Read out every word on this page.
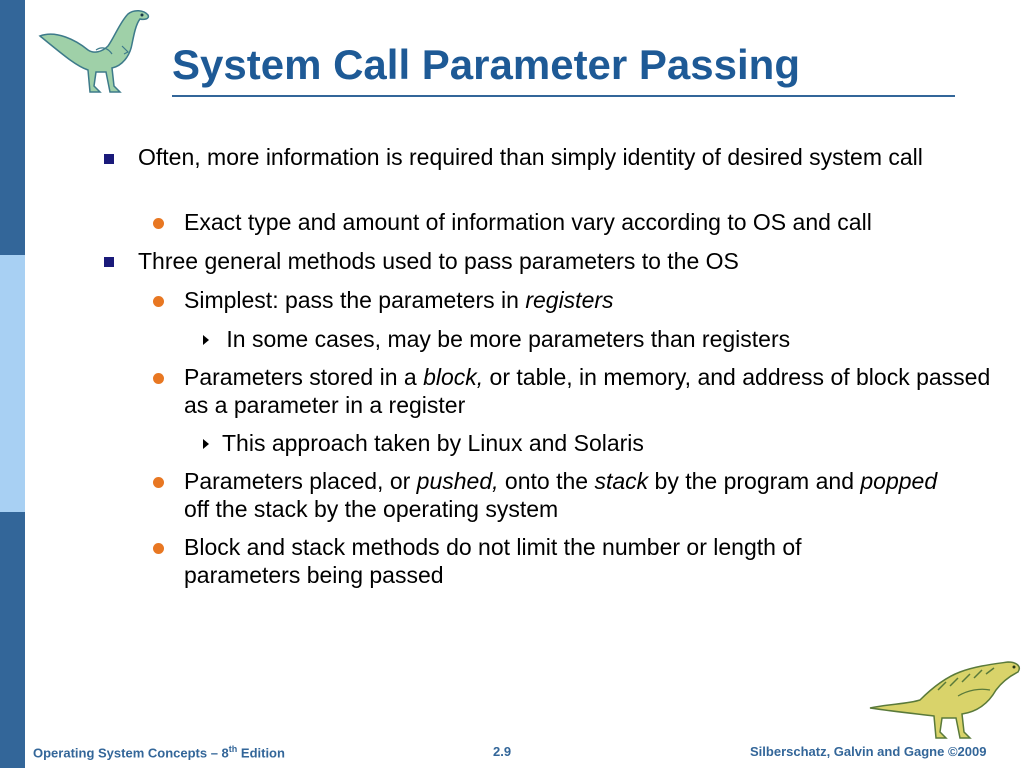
System Call Parameter Passing

Often, more information is required than simply identity of desired system call

Exact type and amount of information vary according to OS and call

Three general methods used to pass parameters to the OS

Simplest: pass the parameters in registers

In some cases, may be more parameters than registers

Parameters stored in a block, or table, in memory, and address of block passed as a parameter in a register

This approach taken by Linux and Solaris

Parameters placed, or pushed, onto the stack by the program and popped off the stack by the operating system

Block and stack methods do not limit the number or length of parameters being passed

Operating System Concepts – 8th Edition	2.9	Silberschatz, Galvin and Gagne ©2009
